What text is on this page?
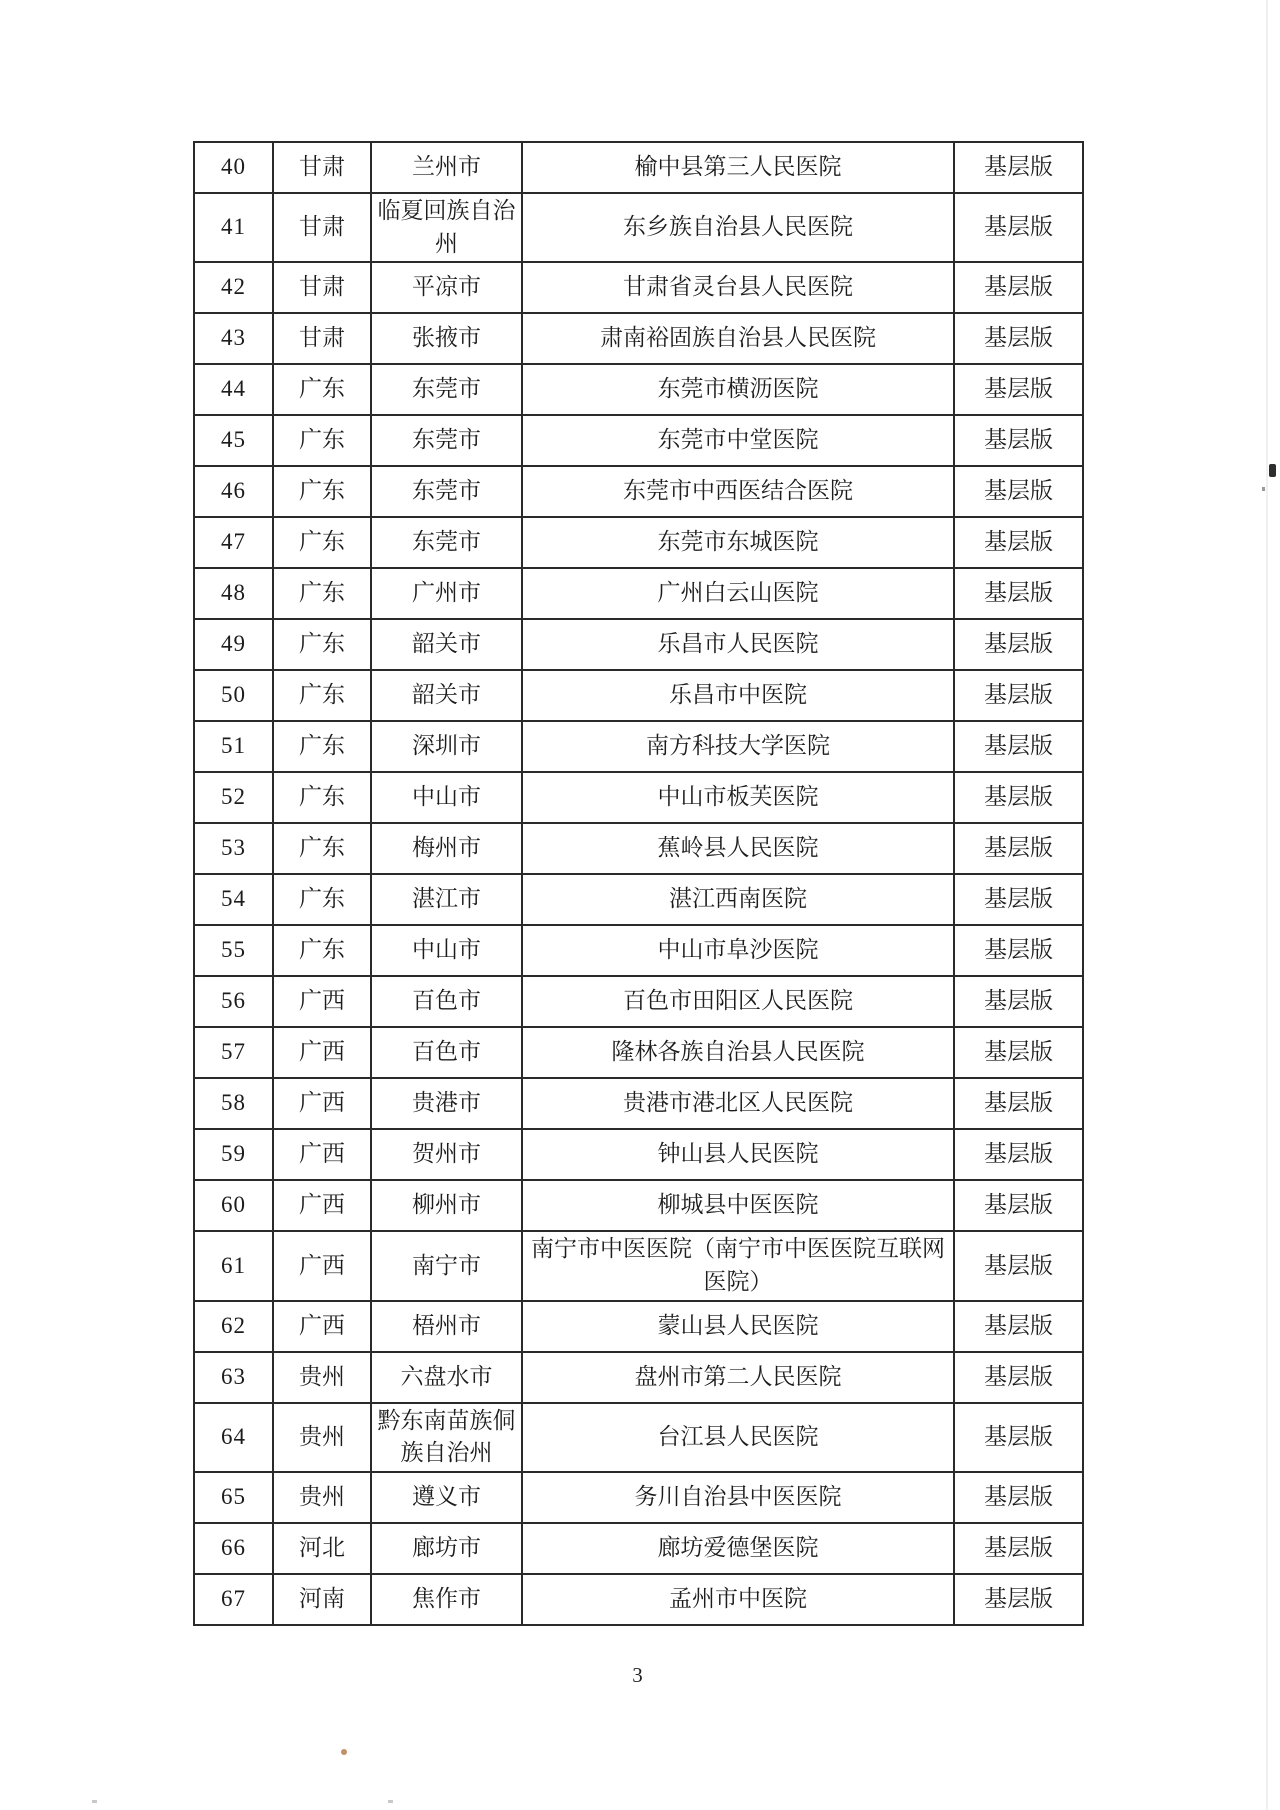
40	甘肃	兰州市	榆中县第三人民医院	基层版
41	甘肃	临夏回族自治州	东乡族自治县人民医院	基层版
42	甘肃	平凉市	甘肃省灵台县人民医院	基层版
43	甘肃	张掖市	肃南裕固族自治县人民医院	基层版
44	广东	东莞市	东莞市横沥医院	基层版
45	广东	东莞市	东莞市中堂医院	基层版
46	广东	东莞市	东莞市中西医结合医院	基层版
47	广东	东莞市	东莞市东城医院	基层版
48	广东	广州市	广州白云山医院	基层版
49	广东	韶关市	乐昌市人民医院	基层版
50	广东	韶关市	乐昌市中医院	基层版
51	广东	深圳市	南方科技大学医院	基层版
52	广东	中山市	中山市板芙医院	基层版
53	广东	梅州市	蕉岭县人民医院	基层版
54	广东	湛江市	湛江西南医院	基层版
55	广东	中山市	中山市阜沙医院	基层版
56	广西	百色市	百色市田阳区人民医院	基层版
57	广西	百色市	隆林各族自治县人民医院	基层版
58	广西	贵港市	贵港市港北区人民医院	基层版
59	广西	贺州市	钟山县人民医院	基层版
60	广西	柳州市	柳城县中医医院	基层版
61	广西	南宁市	南宁市中医医院（南宁市中医医院互联网医院）	基层版
62	广西	梧州市	蒙山县人民医院	基层版
63	贵州	六盘水市	盘州市第二人民医院	基层版
64	贵州	黔东南苗族侗族自治州	台江县人民医院	基层版
65	贵州	遵义市	务川自治县中医医院	基层版
66	河北	廊坊市	廊坊爱德堡医院	基层版
67	河南	焦作市	孟州市中医院	基层版
3
